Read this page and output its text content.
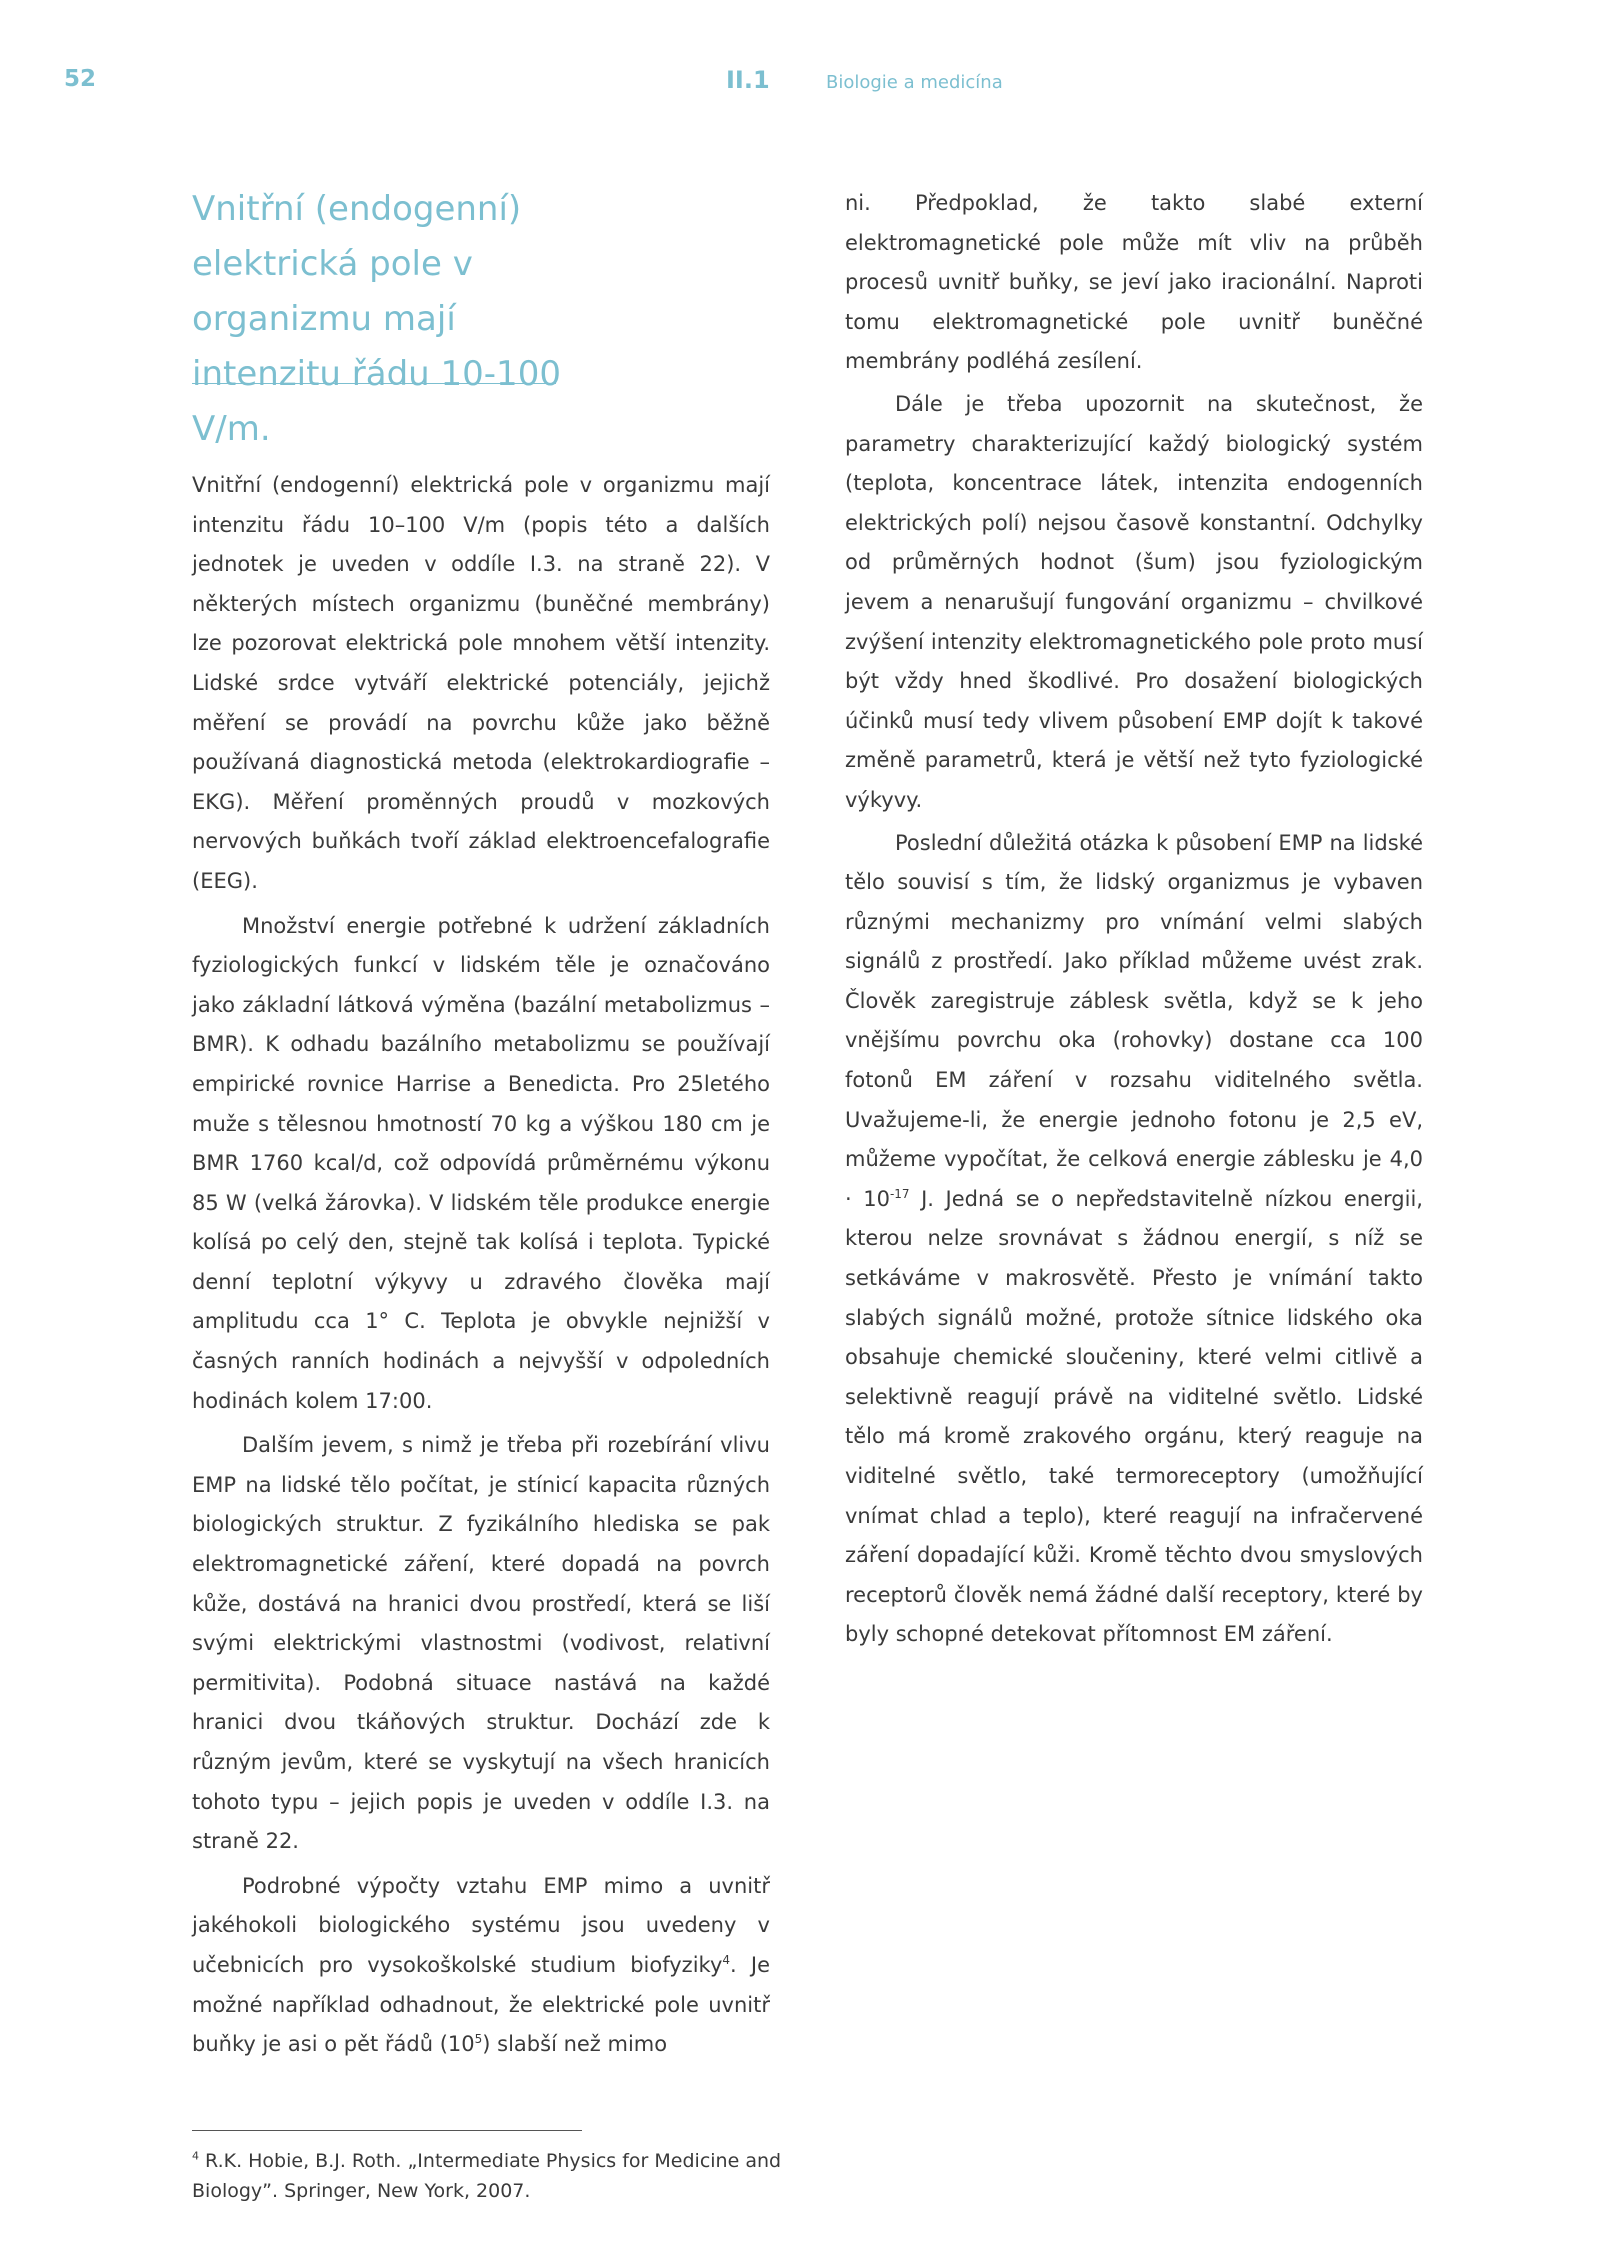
52	II.1	Biologie a medicína
Vnitřní (endogenní) elektrická pole v organizmu mají intenzitu řádu 10-100 V/m.

Vnitřní (endogenní) elektrická pole v organizmu mají intenzitu řádu 10–100 V/m (popis této a dalších jednotek je uveden v oddíle I.3. na straně 22). V některých místech organizmu (buněčné membrány) lze pozorovat elektrická pole mnohem větší intenzity. Lidské srdce vytváří elektrické potenciály, jejichž měření se provádí na povrchu kůže jako běžně používaná diagnostická metoda (elektrokardiografie – EKG). Měření proměnných proudů v mozkových nervových buňkách tvoří základ elektroencefalografie (EEG).

Množství energie potřebné k udržení základních fyziologických funkcí v lidském těle je označováno jako základní látková výměna (bazální metabolizmus – BMR). K odhadu bazálního metabolizmu se používají empirické rovnice Harrise a Benedicta. Pro 25letého muže s tělesnou hmotností 70 kg a výškou 180 cm je BMR 1760 kcal/d, což odpovídá průměrnému výkonu 85 W (velká žárovka). V lidském těle produkce energie kolísá po celý den, stejně tak kolísá i teplota. Typické denní teplotní výkyvy u zdravého člověka mají amplitudu cca 1° C. Teplota je obvykle nejnižší v časných ranních hodinách a nejvyšší v odpoledních hodinách kolem 17:00.

Dalším jevem, s nimž je třeba při rozebírání vlivu EMP na lidské tělo počítat, je stínicí kapacita různých biologických struktur. Z fyzikálního hlediska se pak elektromagnetické záření, které dopadá na povrch kůže, dostává na hranici dvou prostředí, která se liší svými elektrickými vlastnostmi (vodivost, relativní permitivita). Podobná situace nastává na každé hranici dvou tkáňových struktur. Dochází zde k různým jevům, které se vyskytují na všech hranicích tohoto typu – jejich popis je uveden v oddíle I.3. na straně 22.

Podrobné výpočty vztahu EMP mimo a uvnitř jakéhokoli biologického systému jsou uvedeny v učebnicích pro vysokoškolské studium biofyziky$^4$. Je možné například odhadnout, že elektrické pole uvnitř buňky je asi o pět řádů $(10^5)$ slabší než mimo

ni. Předpoklad, že takto slabé externí elektromagnetické pole může mít vliv na průběh procesů uvnitř buňky, se jeví jako iracionální. Naproti tomu elektromagnetické pole uvnitř buněčné membrány podléhá zesílení.

Dále je třeba upozornit na skutečnost, že parametry charakterizující každý biologický systém (teplota, koncentrace látek, intenzita endogenních elektrických polí) nejsou časově konstantní. Odchylky od průměrných hodnot (šum) jsou fyziologickým jevem a nenarušují fungování organizmu – chvilkové zvýšení intenzity elektromagnetického pole proto musí být vždy hned škodlivé. Pro dosažení biologických účinků musí tedy vlivem působení EMP dojít k takové změně parametrů, která je větší než tyto fyziologické výkyvy.

Poslední důležitá otázka k působení EMP na lidské tělo souvisí s tím, že lidský organizmus je vybaven různými mechanizmy pro vnímání velmi slabých signálů z prostředí. Jako příklad můžeme uvést zrak. Člověk zaregistruje záblesk světla, když se k jeho vnějšímu povrchu oka (rohovky) dostane cca 100 fotonů EM záření v rozsahu viditelného světla. Uvažujeme-li, že energie jednoho fotonu je 2,5 eV, můžeme vypočítat, že celková energie záblesku je $4,0 \cdot 10^{-17}$ J. Jedná se o nepředstavitelně nízkou energii, kterou nelze srovnávat s žádnou energií, s níž se setkáváme v makrosvětě. Přesto je vnímání takto slabých signálů možné, protože sítnice lidského oka obsahuje chemické sloučeniny, které velmi citlivě a selektivně reagují právě na viditelné světlo. Lidské tělo má kromě zrakového orgánu, který reaguje na viditelné světlo, také termoreceptory (umožňující vnímat chlad a teplo), které reagují na infračervené záření dopadající kůži. Kromě těchto dvou smyslových receptorů člověk nemá žádné další receptory, které by byly schopné detekovat přítomnost EM záření.

$^4$ R.K. Hobie, B.J. Roth. „Intermediate Physics for Medicine and Biology”. Springer, New York, 2007.
